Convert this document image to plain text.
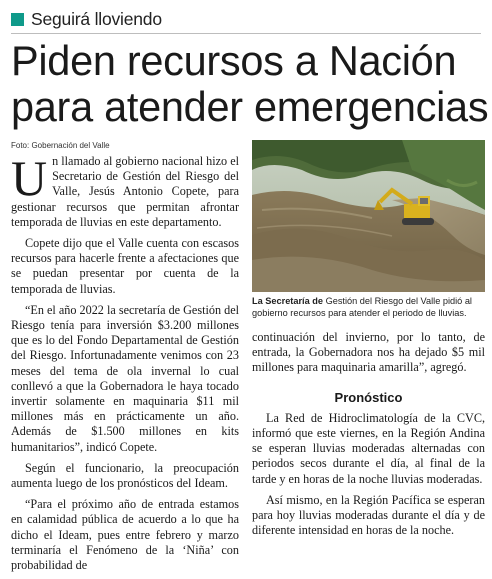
Seguirá lloviendo
Piden recursos a Nación
para atender emergencias
Foto: Gobernación del Valle
La Secretaría de Gestión del Riesgo del Valle pidió al gobierno recursos para atender el periodo de lluvias.

Un llamado al gobierno nacional hizo el Secretario de Gestión del Riesgo del Valle, Jesús Antonio Copete, para gestionar recursos que permitan afrontar temporada de lluvias en este departamento.

Copete dijo que el Valle cuenta con escasos recursos para hacerle frente a afectaciones que se puedan presentar por cuenta de la temporada de lluvias.

“En el año 2022 la secretaría de Gestión del Riesgo tenía para inversión $3.200 millones que es lo del Fondo Departamental de Gestión del Riesgo. Infortunadamente venimos con 23 meses del tema de ola invernal lo cual conllevó a que la Gobernadora le haya tocado invertir solamente en maquinaria $11 mil millones más en prácticamente un año. Además de $1.500 millones en kits humanitarios”, indicó Copete.

Según el funcionario, la preocupación aumenta luego de los pronósticos del Ideam.

“Para el próximo año de entrada estamos en calamidad pública de acuerdo a lo que ha dicho el Ideam, pues entre febrero y marzo terminaría el Fenómeno de la ‘Niña’ con probabilidad de

continuación del invierno, por lo tanto, de entrada, la Gobernadora nos ha dejado $5 mil millones para maquinaria amarilla”, agregó.

Pronóstico

La Red de Hidroclimatología de la CVC, informó que este viernes, en la Región Andina se esperan lluvias moderadas alternadas con periodos secos durante el día, al final de la tarde y en horas de la noche lluvias moderadas.

Así mismo, en la Región Pacífica se esperan para hoy lluvias moderadas durante el día y de diferente intensidad en horas de la noche.
